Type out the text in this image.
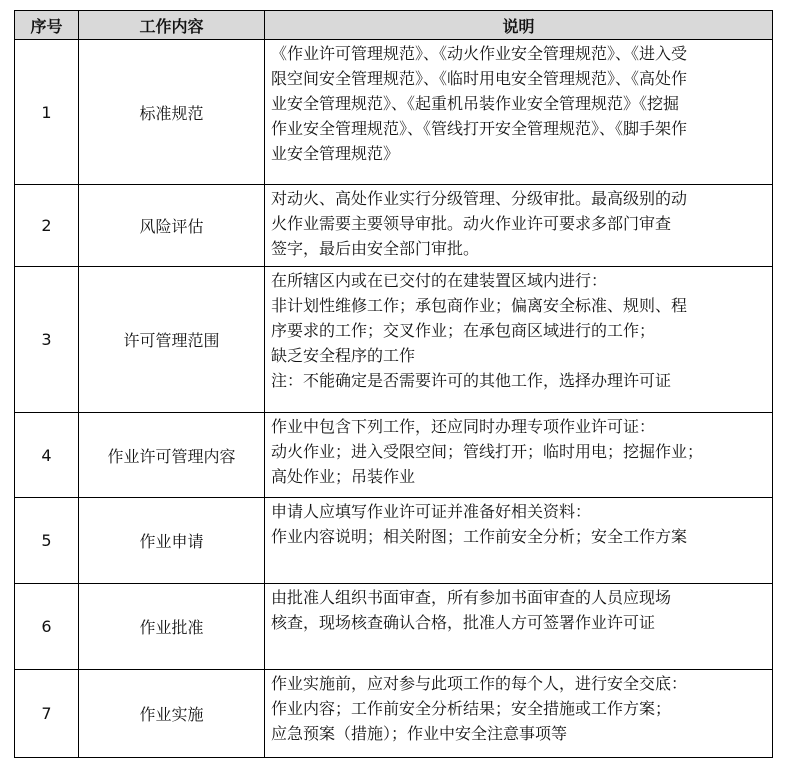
序号	工作内容	说明
1	标准规范	《作业许可管理规范》、《动火作业安全管理规范》、《进入受
限空间安全管理规范》、《临时用电安全管理规范》、《高处作
业安全管理规范》、《起重机吊装作业安全管理规范》《挖掘
作业安全管理规范》、《管线打开安全管理规范》、《脚手架作
业安全管理规范》

2	风险评估	对动火、高处作业实行分级管理、分级审批。最高级别的动
火作业需要主要领导审批。动火作业许可要求多部门审查
签字，最后由安全部门审批。

3	许可管理范围	在所辖区内或在已交付的在建装置区域内进行：
非计划性维修工作；承包商作业；偏离安全标准、规则、程
序要求的工作；交叉作业；在承包商区域进行的工作；
缺乏安全程序的工作
注：不能确定是否需要许可的其他工作，选择办理许可证

4	作业许可管理内容	作业中包含下列工作，还应同时办理专项作业许可证：
动火作业；进入受限空间；管线打开；临时用电；挖掘作业；
高处作业；吊装作业

5	作业申请	申请人应填写作业许可证并准备好相关资料：
作业内容说明；相关附图；工作前安全分析；安全工作方案

6	作业批准	由批准人组织书面审查，所有参加书面审查的人员应现场
核查，现场核查确认合格，批准人方可签署作业许可证

7	作业实施	作业实施前，应对参与此项工作的每个人，进行安全交底：
作业内容；工作前安全分析结果；安全措施或工作方案；
应急预案（措施）；作业中安全注意事项等
